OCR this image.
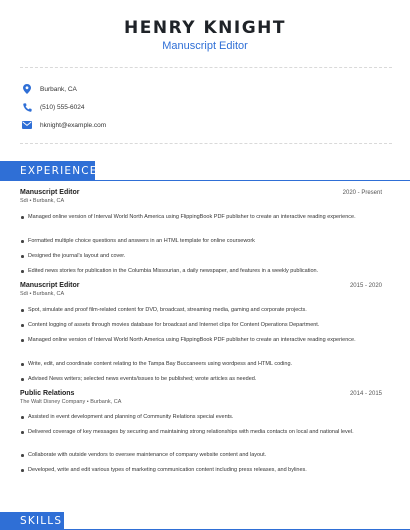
HENRY KNIGHT
Manuscript Editor
Burbank, CA
(510) 555-6024
hknight@example.com
EXPERIENCE
Manuscript Editor	2020 - Present
Sdi • Burbank, CA
Managed online version of Interval World North America using FlippingBook PDF publisher to create an interactive reading experience.
Formatted multiple choice questions and answers in an HTML template for online coursework
Designed the journal's layout and cover.
Edited news stories for publication in the Columbia Missourian, a daily newspaper, and features in a weekly publication.
Manuscript Editor	2015 - 2020
Sdi • Burbank, CA
Spot, simulate and proof film-related content for DVD, broadcast, streaming media, gaming and corporate projects.
Content logging of assets through movies database for broadcast and Internet clips for Content Operations Department.
Managed online version of Interval World North America using FlippingBook PDF publisher to create an interactive reading experience.
Write, edit, and coordinate content relating to the Tampa Bay Buccaneers using wordpess and HTML coding.
Advised News writers; selected news events/issues to be published; wrote articles as needed.
Public Relations	2014 - 2015
The Walt Disney Company • Burbank, CA
Assisted in event development and planning of Community Relations special events.
Delivered coverage of key messages by securing and maintaining strong relationships with media contacts on local and national level.
Collaborate with outside vendors to oversee maintenance of company website content and layout.
Developed, write and edit various types of marketing communication content including press releases, and bylines.
SKILLS
